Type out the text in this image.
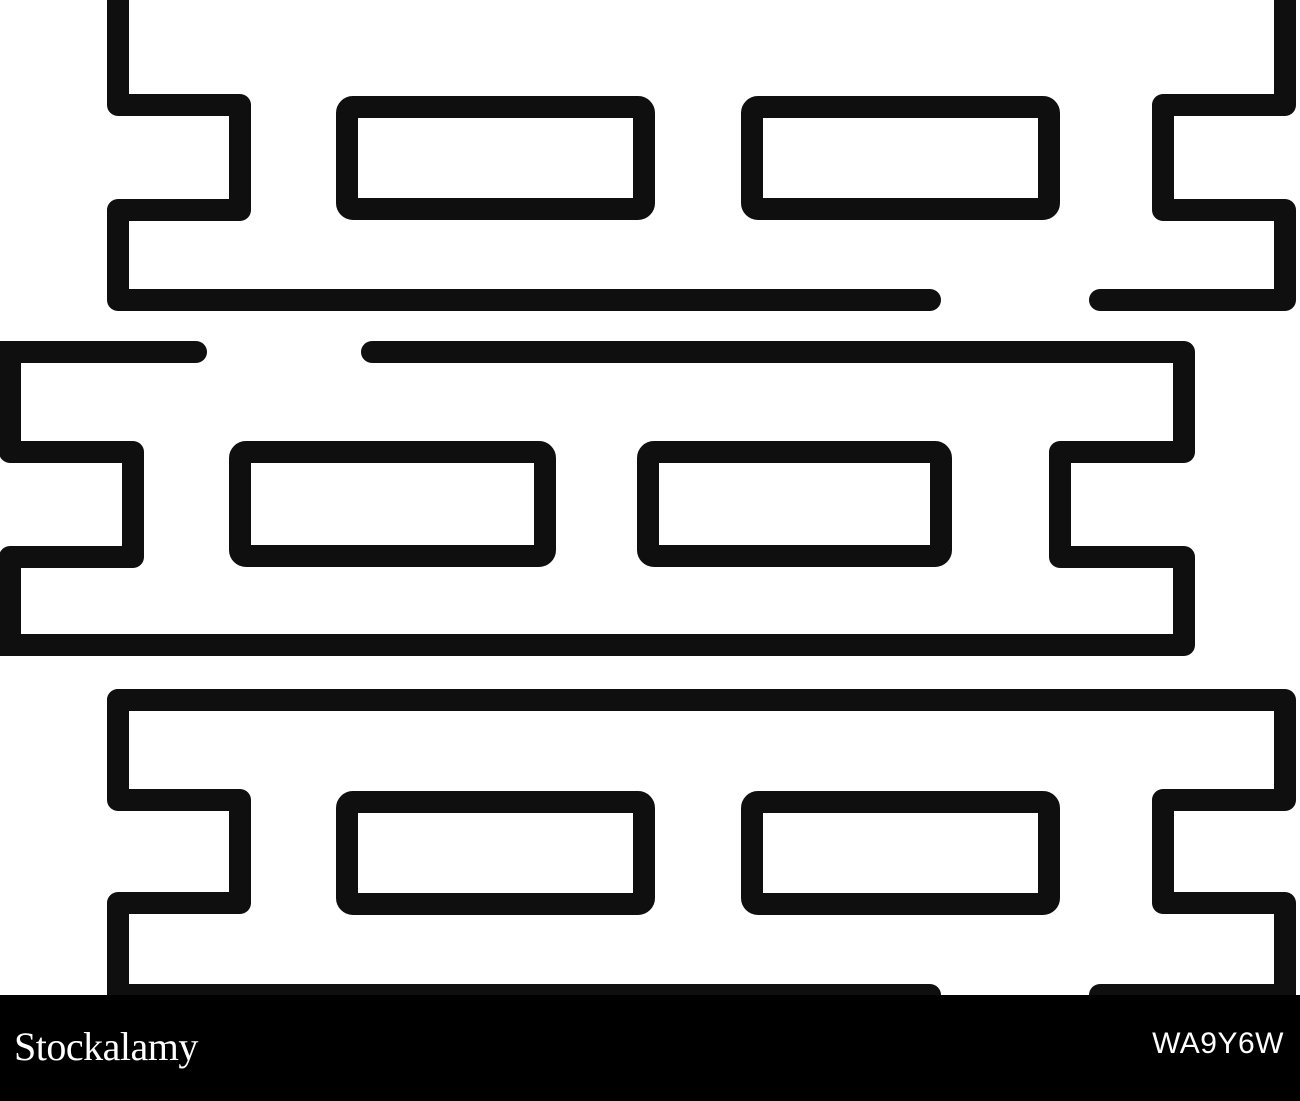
Stockalamy	WA9Y6W
